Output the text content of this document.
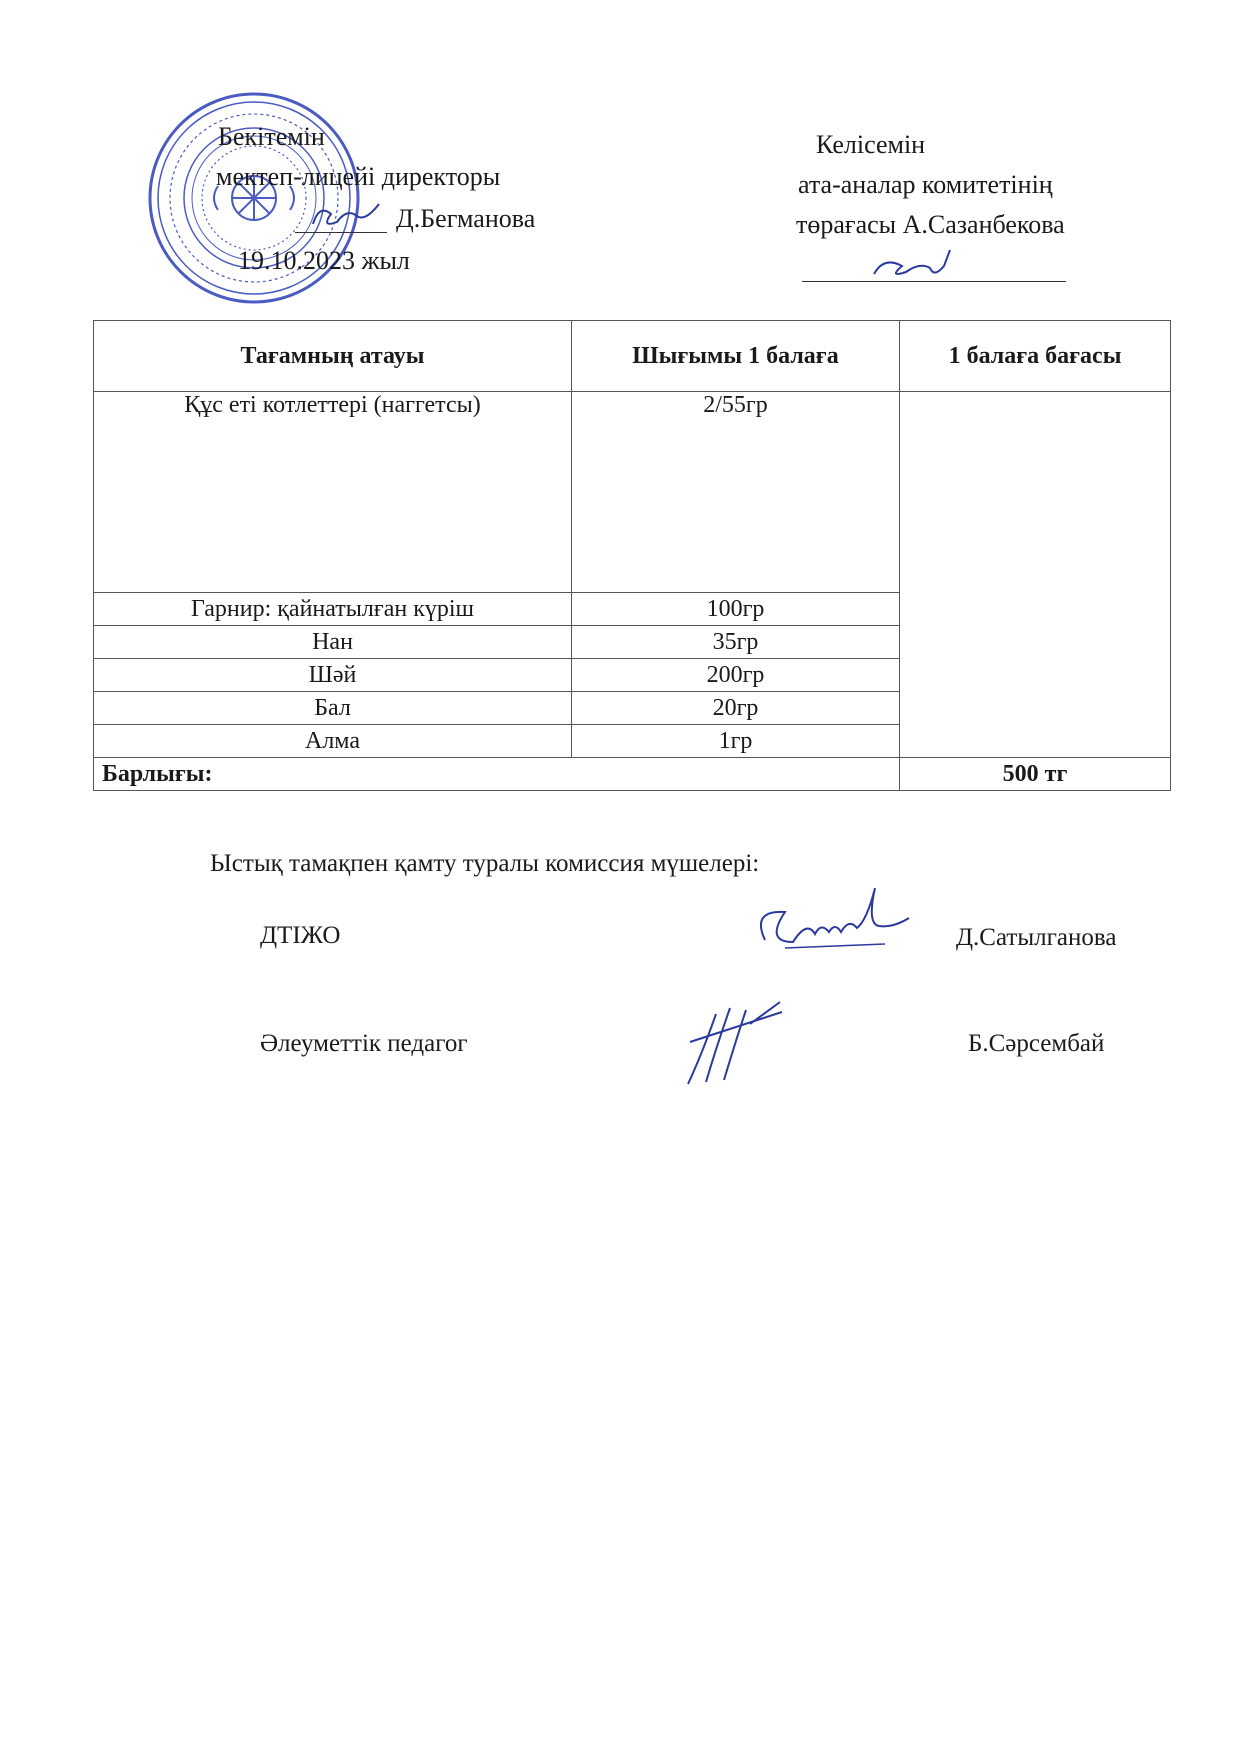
Бекітемін
мектеп-лицейі директоры
Д.Бегманова
19.10.2023 жыл
Келісемін
ата-аналар комитетінің
төрағасы А.Сазанбекова
Тағамның атауы	Шығымы 1 балаға	1 балаға бағасы
Құс еті котлеттері (наггетсы)	2/55гр	
Гарнир: қайнатылған күріш	100гр	
Нан	35гр	
Шәй	200гр	
Бал	20гр	
Алма	1гр	
Барлығы:		500 тг
Ыстық тамақпен қамту туралы комиссия мүшелері:
ДТІЖО	Д.Сатылганова
Әлеуметтік педагог	Б.Сәрсембай
